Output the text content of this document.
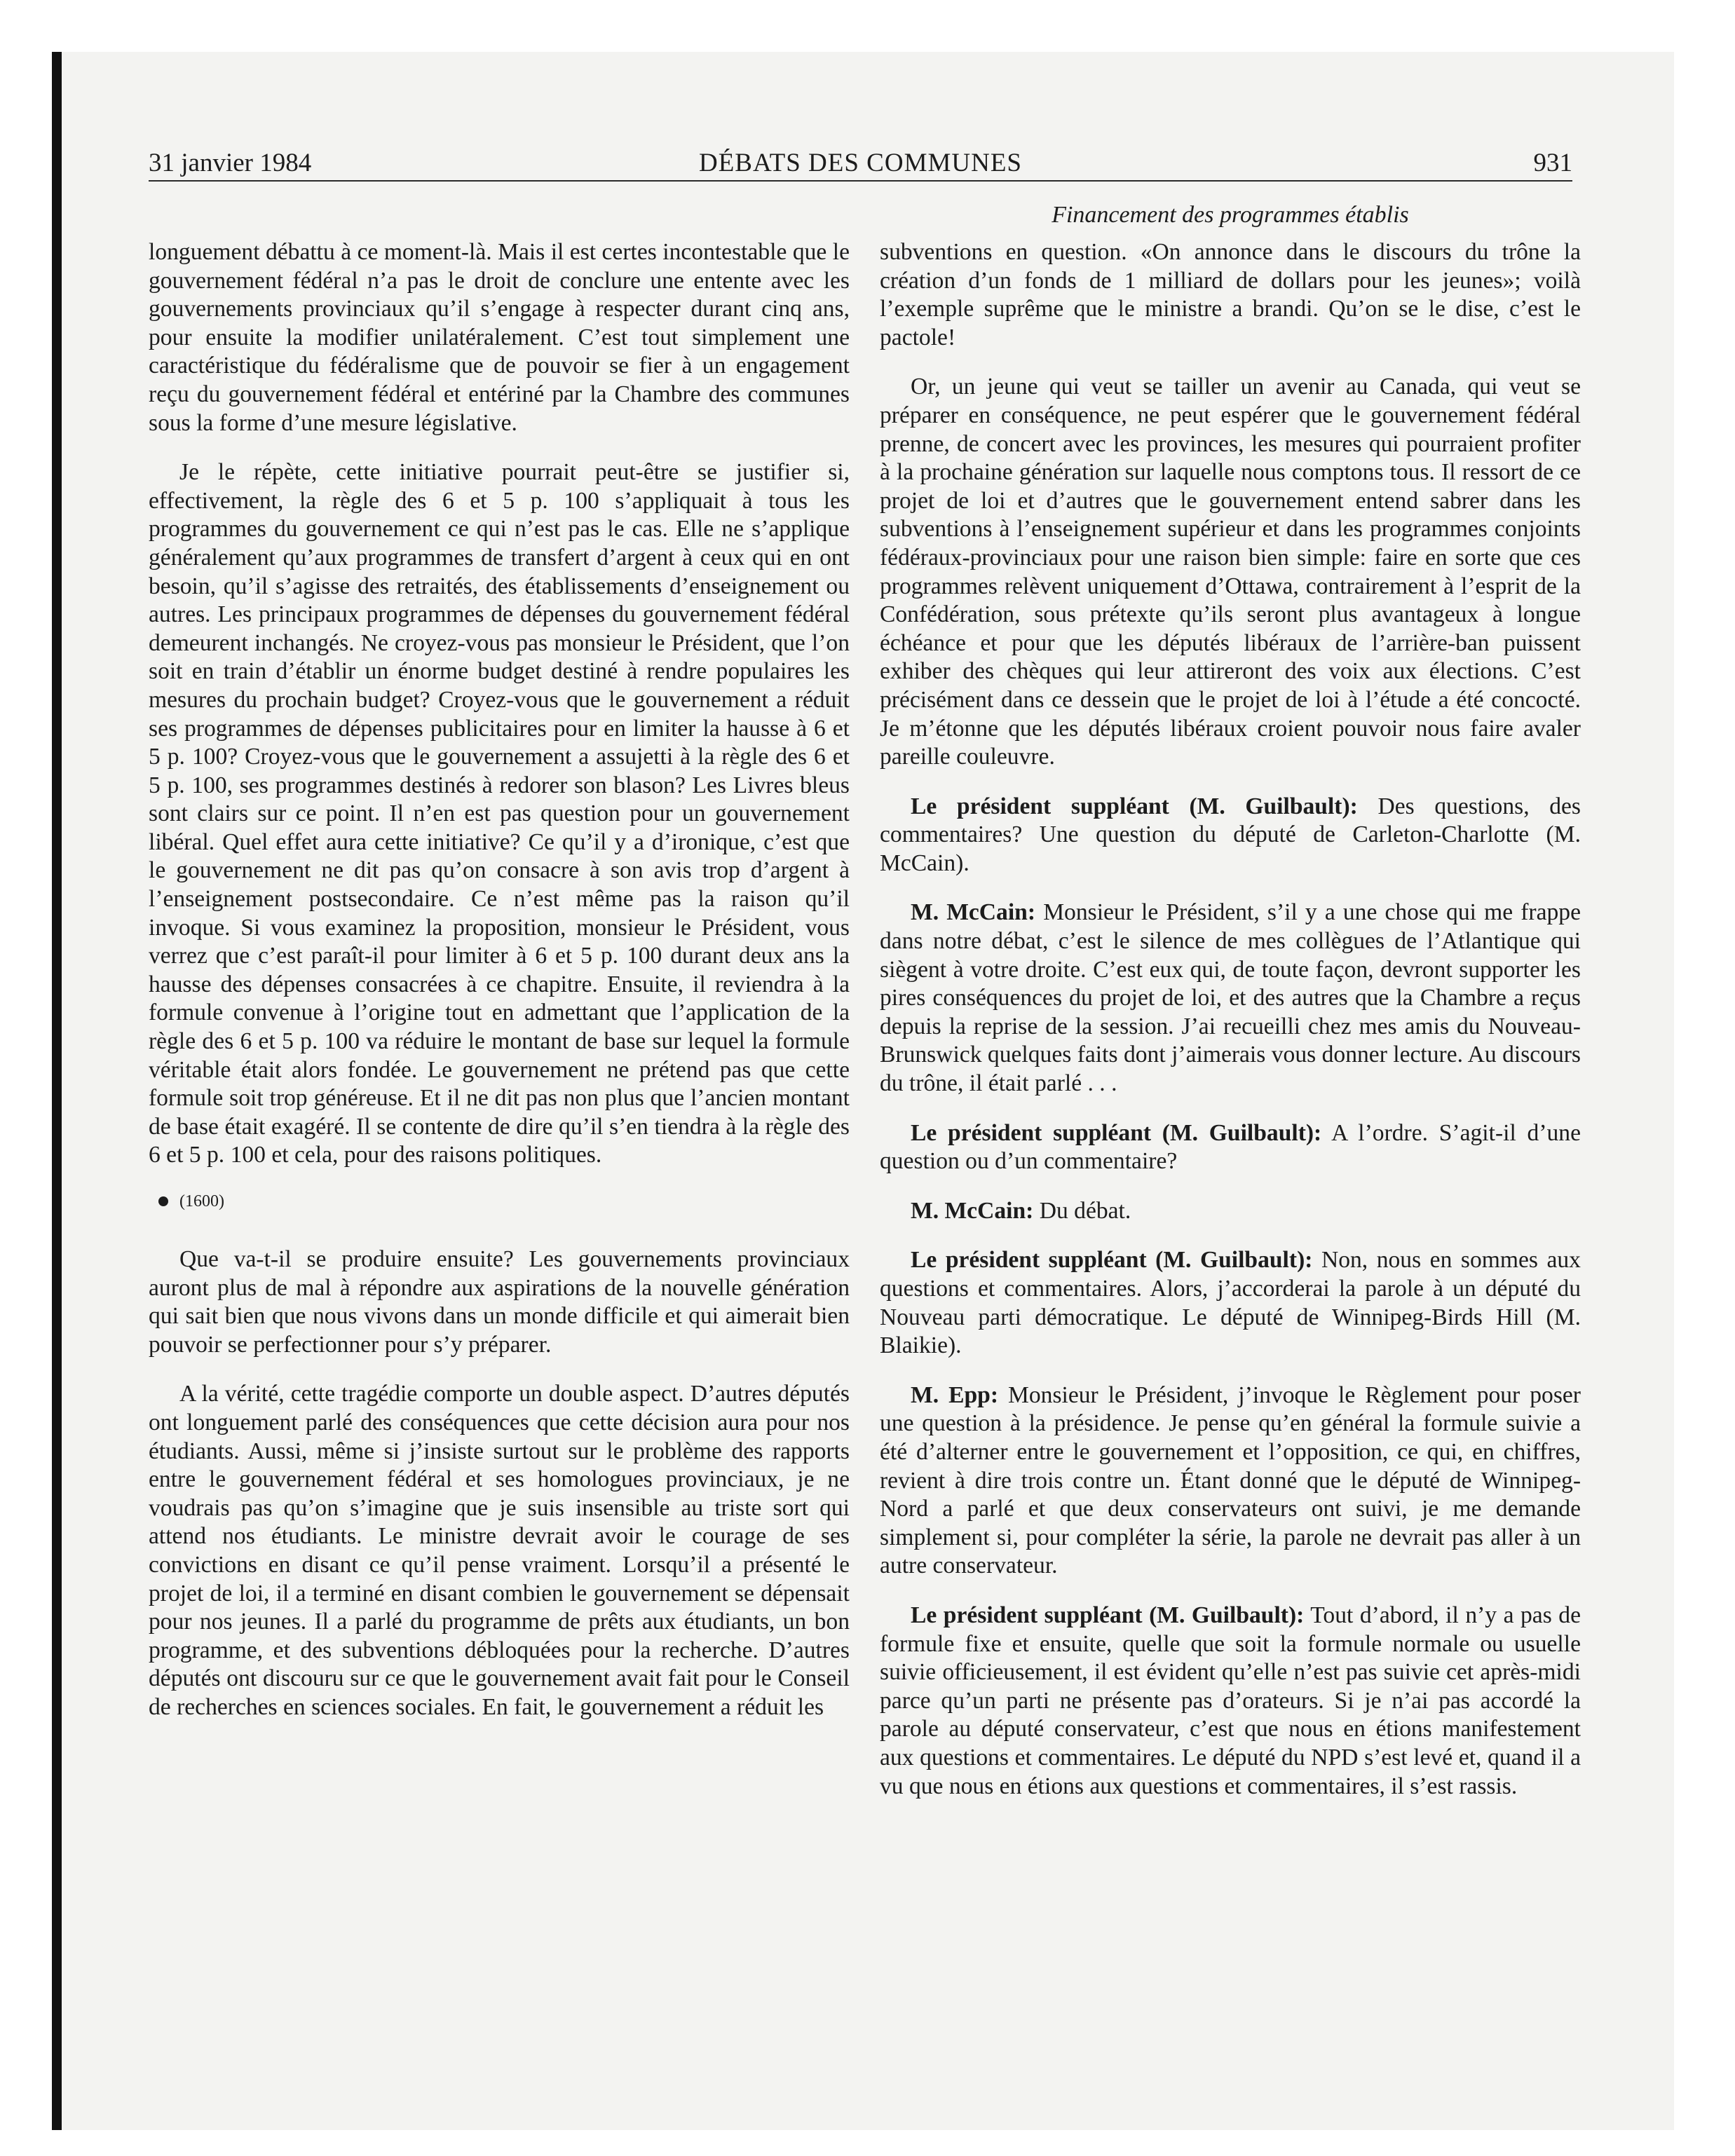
31 janvier 1984	DÉBATS DES COMMUNES	931
Financement des programmes établis

longuement débattu à ce moment-là. Mais il est certes incontestable que le gouvernement fédéral n’a pas le droit de conclure une entente avec les gouvernements provinciaux qu’il s’engage à respecter durant cinq ans, pour ensuite la modifier unilatéralement. C’est tout simplement une caractéristique du fédéralisme que de pouvoir se fier à un engagement reçu du gouvernement fédéral et entériné par la Chambre des communes sous la forme d’une mesure législative.

Je le répète, cette initiative pourrait peut-être se justifier si, effectivement, la règle des 6 et 5 p. 100 s’appliquait à tous les programmes du gouvernement ce qui n’est pas le cas. Elle ne s’applique généralement qu’aux programmes de transfert d’argent à ceux qui en ont besoin, qu’il s’agisse des retraités, des établissements d’enseignement ou autres. Les principaux programmes de dépenses du gouvernement fédéral demeurent inchangés. Ne croyez-vous pas monsieur le Président, que l’on soit en train d’établir un énorme budget destiné à rendre populaires les mesures du prochain budget? Croyez-vous que le gouvernement a réduit ses programmes de dépenses publicitaires pour en limiter la hausse à 6 et 5 p. 100? Croyez-vous que le gouvernement a assujetti à la règle des 6 et 5 p. 100, ses programmes destinés à redorer son blason? Les Livres bleus sont clairs sur ce point. Il n’en est pas question pour un gouvernement libéral. Quel effet aura cette initiative? Ce qu’il y a d’ironique, c’est que le gouvernement ne dit pas qu’on consacre à son avis trop d’argent à l’enseignement postsecondaire. Ce n’est même pas la raison qu’il invoque. Si vous examinez la proposition, monsieur le Président, vous verrez que c’est paraît-il pour limiter à 6 et 5 p. 100 durant deux ans la hausse des dépenses consacrées à ce chapitre. Ensuite, il reviendra à la formule convenue à l’origine tout en admettant que l’application de la règle des 6 et 5 p. 100 va réduire le montant de base sur lequel la formule véritable était alors fondée. Le gouvernement ne prétend pas que cette formule soit trop généreuse. Et il ne dit pas non plus que l’ancien montant de base était exagéré. Il se contente de dire qu’il s’en tiendra à la règle des 6 et 5 p. 100 et cela, pour des raisons politiques.

(1600)

Que va-t-il se produire ensuite? Les gouvernements provinciaux auront plus de mal à répondre aux aspirations de la nouvelle génération qui sait bien que nous vivons dans un monde difficile et qui aimerait bien pouvoir se perfectionner pour s’y préparer.

A la vérité, cette tragédie comporte un double aspect. D’autres députés ont longuement parlé des conséquences que cette décision aura pour nos étudiants. Aussi, même si j’insiste surtout sur le problème des rapports entre le gouvernement fédéral et ses homologues provinciaux, je ne voudrais pas qu’on s’imagine que je suis insensible au triste sort qui attend nos étudiants. Le ministre devrait avoir le courage de ses convictions en disant ce qu’il pense vraiment. Lorsqu’il a présenté le projet de loi, il a terminé en disant combien le gouvernement se dépensait pour nos jeunes. Il a parlé du programme de prêts aux étudiants, un bon programme, et des subventions débloquées pour la recherche. D’autres députés ont discouru sur ce que le gouvernement avait fait pour le Conseil de recherches en sciences sociales. En fait, le gouvernement a réduit les

subventions en question. «On annonce dans le discours du trône la création d’un fonds de 1 milliard de dollars pour les jeunes»; voilà l’exemple suprême que le ministre a brandi. Qu’on se le dise, c’est le pactole!

Or, un jeune qui veut se tailler un avenir au Canada, qui veut se préparer en conséquence, ne peut espérer que le gouvernement fédéral prenne, de concert avec les provinces, les mesures qui pourraient profiter à la prochaine génération sur laquelle nous comptons tous. Il ressort de ce projet de loi et d’autres que le gouvernement entend sabrer dans les subventions à l’enseignement supérieur et dans les programmes conjoints fédéraux-provinciaux pour une raison bien simple: faire en sorte que ces programmes relèvent uniquement d’Ottawa, contrairement à l’esprit de la Confédération, sous prétexte qu’ils seront plus avantageux à longue échéance et pour que les députés libéraux de l’arrière-ban puissent exhiber des chèques qui leur attireront des voix aux élections. C’est précisément dans ce dessein que le projet de loi à l’étude a été concocté. Je m’étonne que les députés libéraux croient pouvoir nous faire avaler pareille couleuvre.

Le président suppléant (M. Guilbault): Des questions, des commentaires? Une question du député de Carleton-Charlotte (M. McCain).

M. McCain: Monsieur le Président, s’il y a une chose qui me frappe dans notre débat, c’est le silence de mes collègues de l’Atlantique qui siègent à votre droite. C’est eux qui, de toute façon, devront supporter les pires conséquences du projet de loi, et des autres que la Chambre a reçus depuis la reprise de la session. J’ai recueilli chez mes amis du Nouveau-Brunswick quelques faits dont j’aimerais vous donner lecture. Au discours du trône, il était parlé . . .

Le président suppléant (M. Guilbault): A l’ordre. S’agit-il d’une question ou d’un commentaire?

M. McCain: Du débat.

Le président suppléant (M. Guilbault): Non, nous en sommes aux questions et commentaires. Alors, j’accorderai la parole à un député du Nouveau parti démocratique. Le député de Winnipeg-Birds Hill (M. Blaikie).

M. Epp: Monsieur le Président, j’invoque le Règlement pour poser une question à la présidence. Je pense qu’en général la formule suivie a été d’alterner entre le gouvernement et l’opposition, ce qui, en chiffres, revient à dire trois contre un. Étant donné que le député de Winnipeg-Nord a parlé et que deux conservateurs ont suivi, je me demande simplement si, pour compléter la série, la parole ne devrait pas aller à un autre conservateur.

Le président suppléant (M. Guilbault): Tout d’abord, il n’y a pas de formule fixe et ensuite, quelle que soit la formule normale ou usuelle suivie officieusement, il est évident qu’elle n’est pas suivie cet après-midi parce qu’un parti ne présente pas d’orateurs. Si je n’ai pas accordé la parole au député conservateur, c’est que nous en étions manifestement aux questions et commentaires. Le député du NPD s’est levé et, quand il a vu que nous en étions aux questions et commentaires, il s’est rassis.
